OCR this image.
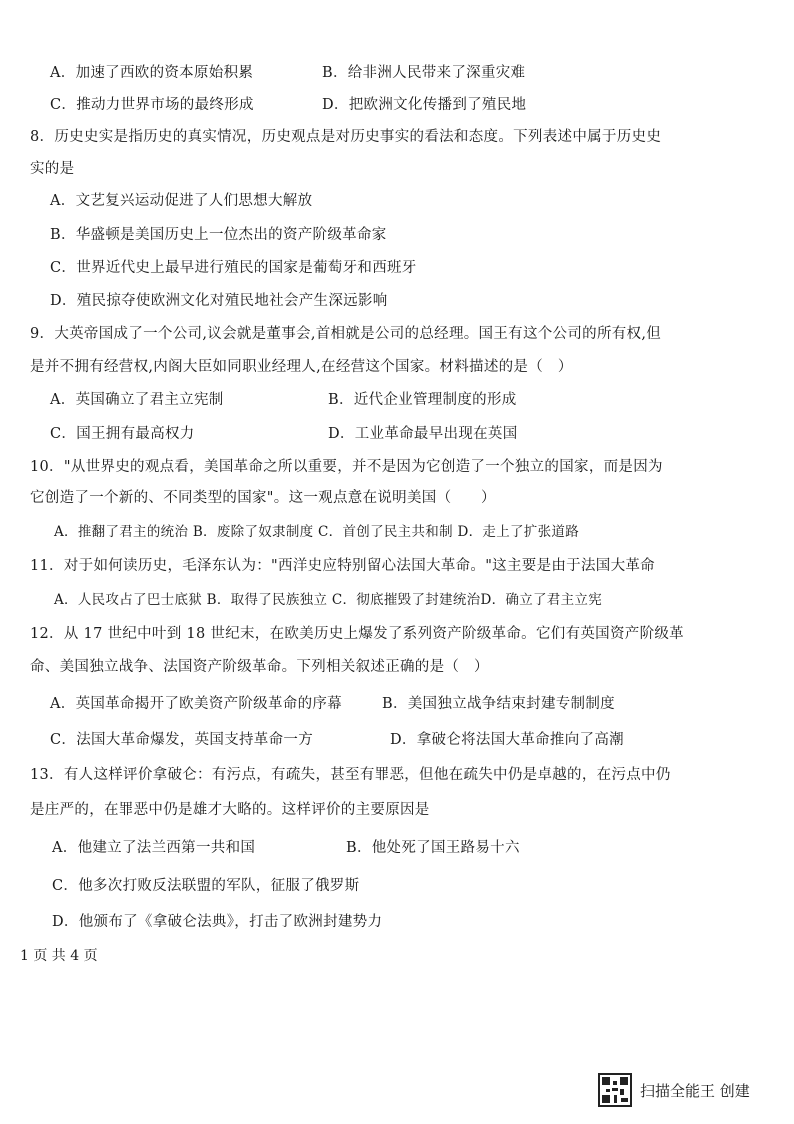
A．加速了西欧的资本原始积累	B．给非洲人民带来了深重灾难
C．推动力世界市场的最终形成	D．把欧洲文化传播到了殖民地
8．历史史实是指历史的真实情况，历史观点是对历史事实的看法和态度。下列表述中属于历史史
实的是
A．文艺复兴运动促进了人们思想大解放
B．华盛顿是美国历史上一位杰出的资产阶级革命家
C．世界近代史上最早进行殖民的国家是葡萄牙和西班牙
D．殖民掠夺使欧洲文化对殖民地社会产生深远影响
9．大英帝国成了一个公司,议会就是董事会,首相就是公司的总经理。国王有这个公司的所有权,但
是并不拥有经营权,内阁大臣如同职业经理人,在经营这个国家。材料描述的是（　）
A．英国确立了君主立宪制	B．近代企业管理制度的形成
C．国王拥有最高权力	D．工业革命最早出现在英国
10．"从世界史的观点看，美国革命之所以重要，并不是因为它创造了一个独立的国家，而是因为
它创造了一个新的、不同类型的国家"。这一观点意在说明美国（　　）
A．推翻了君主的统治 B．废除了奴隶制度 C．首创了民主共和制 D．走上了扩张道路
11．对于如何读历史，毛泽东认为："西洋史应特别留心法国大革命。"这主要是由于法国大革命
A．人民攻占了巴士底狱 B．取得了民族独立 C．彻底摧毁了封建统治D．确立了君主立宪
12．从 17 世纪中叶到 18 世纪末，在欧美历史上爆发了系列资产阶级革命。它们有英国资产阶级革
命、美国独立战争、法国资产阶级革命。下列相关叙述正确的是（　）
A．英国革命揭开了欧美资产阶级革命的序幕	B．美国独立战争结束封建专制制度
C．法国大革命爆发，英国支持革命一方	D．拿破仑将法国大革命推向了高潮
13．有人这样评价拿破仑：有污点，有疏失，甚至有罪恶，但他在疏失中仍是卓越的，在污点中仍
是庄严的，在罪恶中仍是雄才大略的。这样评价的主要原因是
A．他建立了法兰西第一共和国	B．他处死了国王路易十六
C．他多次打败反法联盟的军队，征服了俄罗斯
D．他颁布了《拿破仑法典》，打击了欧洲封建势力
1 页 共 4 页
扫描全能王 创建
